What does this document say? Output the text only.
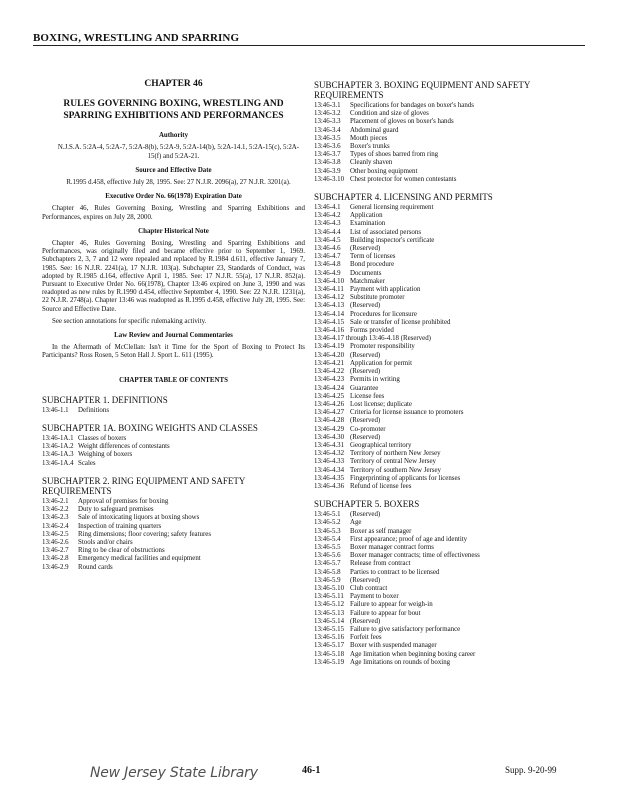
BOXING, WRESTLING AND SPARRING
CHAPTER 46
RULES GOVERNING BOXING, WRESTLING AND SPARRING EXHIBITIONS AND PERFORMANCES
Authority
N.J.S.A. 5:2A-4, 5:2A-7, 5:2A-8(b), 5:2A-9, 5:2A-14(b), 5:2A-14.1, 5:2A-15(c), 5:2A-15(f) and 5:2A-21.
Source and Effective Date
R.1995 d.458, effective July 28, 1995. See: 27 N.J.R. 2096(a), 27 N.J.R. 3201(a).
Executive Order No. 66(1978) Expiration Date
Chapter 46, Rules Governing Boxing, Wrestling and Sparring Exhibitions and Performances, expires on July 28, 2000.
Chapter Historical Note
Chapter 46, Rules Governing Boxing, Wrestling and Sparring Exhibitions and Performances, was originally filed and became effective prior to September 1, 1969. Subchapters 2, 3, 7 and 12 were repealed and replaced by R.1984 d.611, effective January 7, 1985. See: 16 N.J.R. 2241(a), 17 N.J.R. 103(a). Subchapter 23, Standards of Conduct, was adopted by R.1985 d.164, effective April 1, 1985. See: 17 N.J.R. 55(a), 17 N.J.R. 852(a). Pursuant to Executive Order No. 66(1978), Chapter 13:46 expired on June 3, 1990 and was readopted as new rules by R.1990 d.454, effective September 4, 1990. See: 22 N.J.R. 1231(a), 22 N.J.R. 2748(a). Chapter 13:46 was readopted as R.1995 d.458, effective July 28, 1995. See: Source and Effective Date.
See section annotations for specific rulemaking activity.
Law Review and Journal Commentaries
In the Aftermath of McClellan: Isn't it Time for the Sport of Boxing to Protect Its Participants? Ross Rosen, 5 Seton Hall J. Sport L. 611 (1995).
CHAPTER TABLE OF CONTENTS
SUBCHAPTER 1. DEFINITIONS
13:46-1.1	Definitions
SUBCHAPTER 1A. BOXING WEIGHTS AND CLASSES
13:46-1A.1 Classes of boxers
13:46-1A.2 Weight differences of contestants
13:46-1A.3 Weighing of boxers
13:46-1A.4 Scales
SUBCHAPTER 2. RING EQUIPMENT AND SAFETY REQUIREMENTS
13:46-2.1	Approval of premises for boxing
13:46-2.2	Duty to safeguard premises
13:46-2.3	Sale of intoxicating liquors at boxing shows
13:46-2.4	Inspection of training quarters
13:46-2.5	Ring dimensions; floor covering; safety features
13:46-2.6	Stools and/or chairs
13:46-2.7	Ring to be clear of obstructions
13:46-2.8	Emergency medical facilities and equipment
13:46-2.9	Round cards
SUBCHAPTER 3. BOXING EQUIPMENT AND SAFETY REQUIREMENTS
13:46-3.1	Specifications for bandages on boxer's hands
13:46-3.2	Condition and size of gloves
13:46-3.3	Placement of gloves on boxer's hands
13:46-3.4	Abdominal guard
13:46-3.5	Mouth pieces
13:46-3.6	Boxer's trunks
13:46-3.7	Types of shoes barred from ring
13:46-3.8	Cleanly shaven
13:46-3.9	Other boxing equipment
13:46-3.10 Chest protector for women contestants
SUBCHAPTER 4. LICENSING AND PERMITS
13:46-4.1	General licensing requirement
13:46-4.2	Application
13:46-4.3	Examination
13:46-4.4	List of associated persons
13:46-4.5	Building inspector's certificate
13:46-4.6	(Reserved)
13:46-4.7	Term of licenses
13:46-4.8	Bond procedure
13:46-4.9	Documents
13:46-4.10 Matchmaker
13:46-4.11 Payment with application
13:46-4.12 Substitute promoter
13:46-4.13 (Reserved)
13:46-4.14 Procedures for licensure
13:46-4.15 Sale or transfer of license prohibited
13:46-4.16 Forms provided
13:46-4.17 through 13:46-4.18 (Reserved)
13:46-4.19 Promoter responsibility
13:46-4.20 (Reserved)
13:46-4.21 Application for permit
13:46-4.22 (Reserved)
13:46-4.23 Permits in writing
13:46-4.24 Guarantee
13:46-4.25 License fees
13:46-4.26 Lost license; duplicate
13:46-4.27 Criteria for license issuance to promoters
13:46-4.28 (Reserved)
13:46-4.29 Co-promoter
13:46-4.30 (Reserved)
13:46-4.31 Geographical territory
13:46-4.32 Territory of northern New Jersey
13:46-4.33 Territory of central New Jersey
13:46-4.34 Territory of southern New Jersey
13:46-4.35 Fingerprinting of applicants for licenses
13:46-4.36 Refund of license fees
SUBCHAPTER 5. BOXERS
13:46-5.1	(Reserved)
13:46-5.2	Age
13:46-5.3	Boxer as self manager
13:46-5.4	First appearance; proof of age and identity
13:46-5.5	Boxer manager contract forms
13:46-5.6	Boxer manager contracts; time of effectiveness
13:46-5.7	Release from contract
13:46-5.8	Parties to contract to be licensed
13:46-5.9	(Reserved)
13:46-5.10 Club contract
13:46-5.11 Payment to boxer
13:46-5.12 Failure to appear for weigh-in
13:46-5.13 Failure to appear for bout
13:46-5.14 (Reserved)
13:46-5.15 Failure to give satisfactory performance
13:46-5.16 Forfeit fees
13:46-5.17 Boxer with suspended manager
13:46-5.18 Age limitation when beginning boxing career
13:46-5.19 Age limitations on rounds of boxing
New Jersey State Library	46-1	Supp. 9-20-99
